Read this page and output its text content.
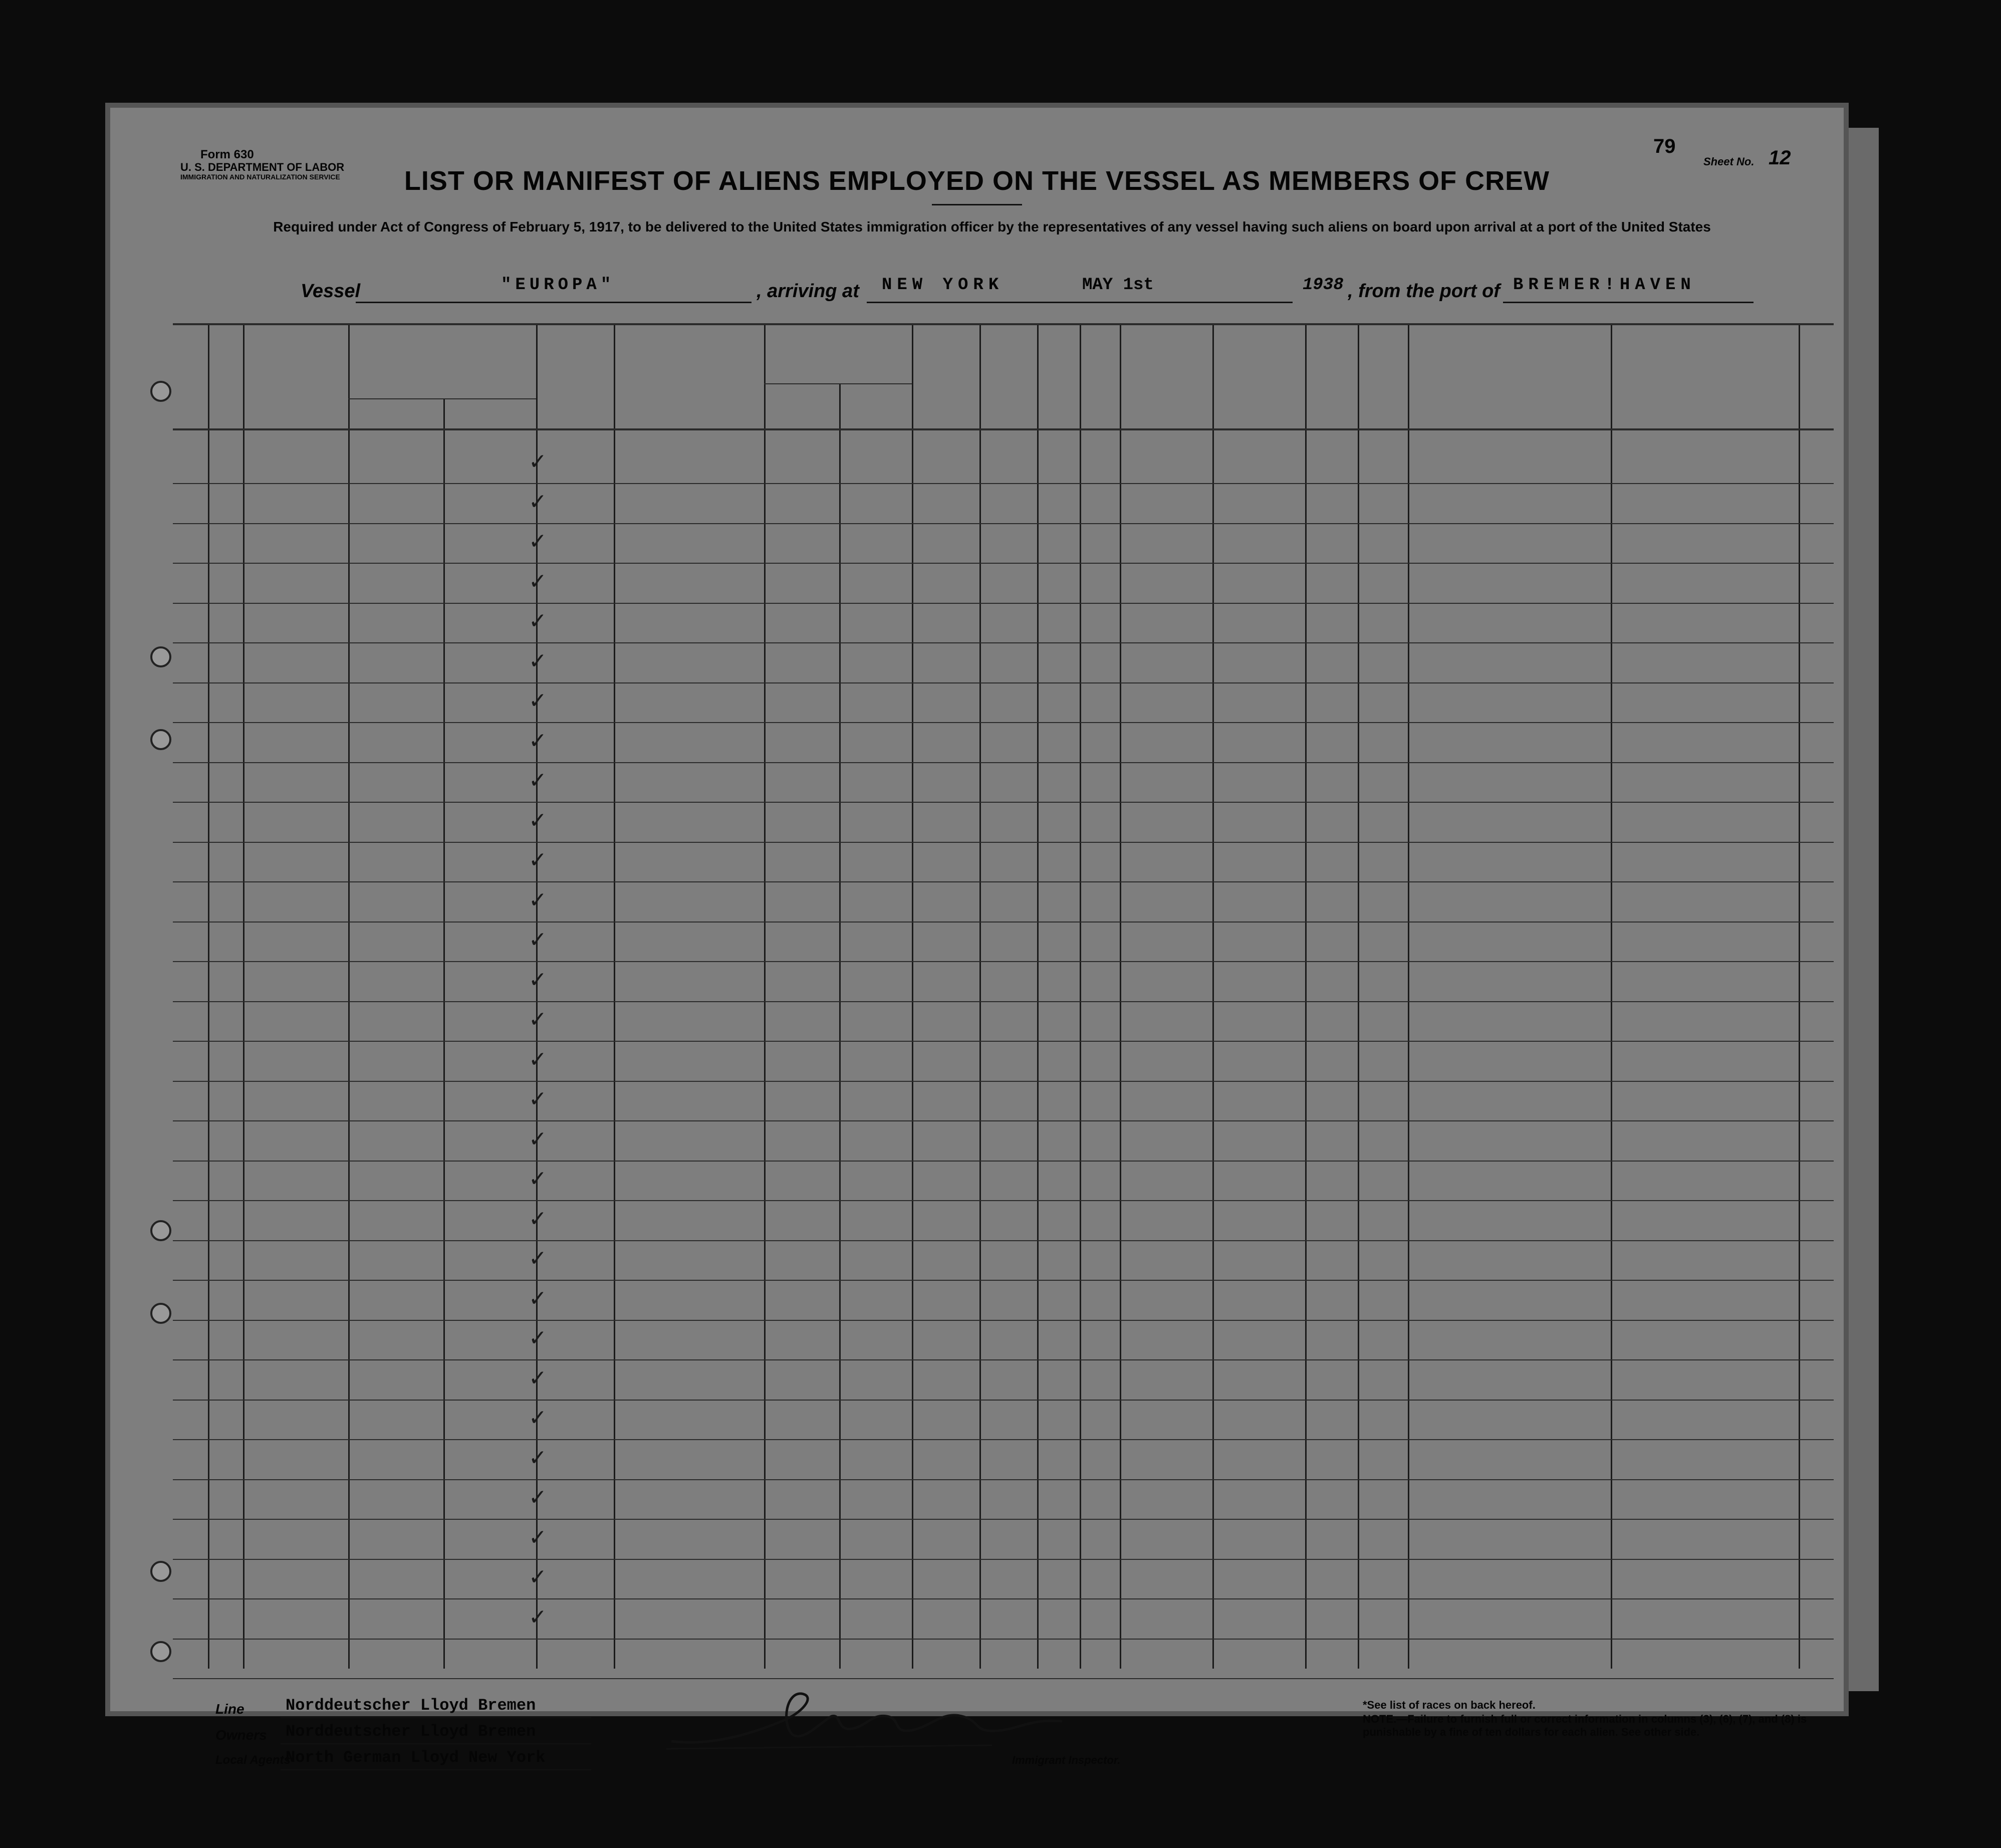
Form 630
U. S. DEPARTMENT OF LABOR
IMMIGRATION AND NATURALIZATION SERVICE
79
Sheet No. 12
LIST OR MANIFEST OF ALIENS EMPLOYED ON THE VESSEL AS MEMBERS OF CREW
Required under Act of Congress of February 5, 1917, to be delivered to the United States immigration officer by the representatives of any vessel having such aliens on board upon arrival at a port of the United States
Vessel	"EUROPA"	, arriving at NEW YORK	MAY 1st	1938 , from the port of BREMER!HAVEN
✓
✓
✓
✓
✓
✓
✓
✓
✓
✓
✓
✓
✓
✓
✓
✓
✓
✓
✓
✓
✓
✓
✓
✓
✓
✓
✓
✓
✓
✓
Line	Norddeutscher Lloyd Bremen
Owners Norddeutscher Lloyd Bremen
Local Agents
North German Lloyd New York	Immigrant Inspector.
*See list of races on back hereof.
NOTE.—Failure to furnish full or correct information in columns (3), (6), (7), and (8) is punishable by a fine of ten dollars for each alien. See other side.
